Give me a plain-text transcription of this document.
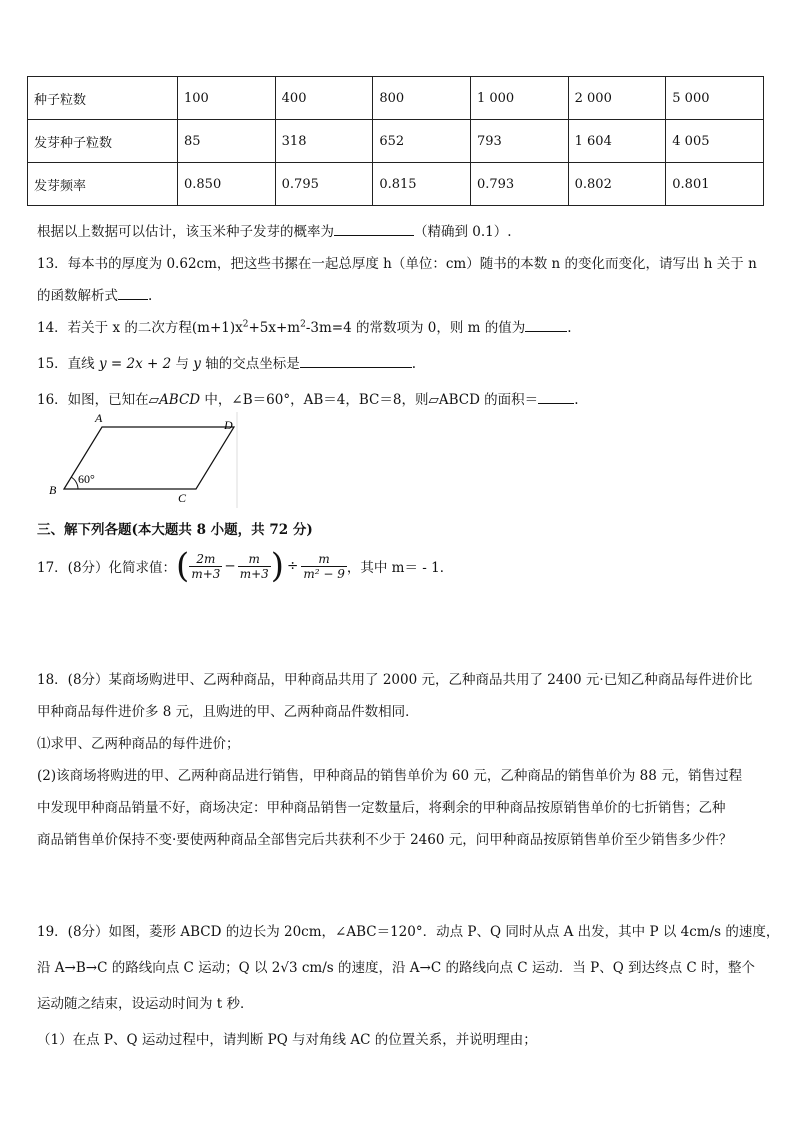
种子粒数	100	400	800	1 000	2 000	5 000
发芽种子粒数	85	318	652	793	1 604	4 005
发芽频率	0.850	0.795	0.815	0.793	0.802	0.801
根据以上数据可以估计，该玉米种子发芽的概率为	（精确到 0.1）.
13．每本书的厚度为 0.62cm，把这些书摞在一起总厚度 h（单位：cm）随书的本数 n 的变化而变化，请写出 h 关于 n
的函数解析式 .
14．若关于 x 的二次方程$(m+1)x^2+5x+m^2-3m=4$ 的常数项为 0，则 m 的值为	.
15．直线 y = 2x + 2 与 y 轴的交点坐标是	.
16．如图，已知在▱ABCD 中，∠B＝60°，AB＝4，BC＝8，则▱ABCD 的面积＝	.
A	D
B
C
60°
三、解下列各题(本大题共 8 小题，共 72 分)
17．(8分）化简求值： ( $\frac{2m}{m+3} - \frac{m}{m+3}$ ) ÷ $\frac{m}{\text{m² − 9}}$ ，其中 m＝ - 1．
18．(8分）某商场购进甲、乙两种商品，甲种商品共用了 2000 元，乙种商品共用了 2400 元·已知乙种商品每件进价比
甲种商品每件进价多 8 元，且购进的甲、乙两种商品件数相同．
⑴求甲、乙两种商品的每件进价；
(2)该商场将购进的甲、乙两种商品进行销售，甲种商品的销售单价为 60 元，乙种商品的销售单价为 88 元，销售过程
中发现甲种商品销量不好，商场决定：甲种商品销售一定数量后，将剩余的甲种商品按原销售单价的七折销售；乙种
商品销售单价保持不变·要使两种商品全部售完后共获利不少于 2460 元，问甲种商品按原销售单价至少销售多少件？
19．(8分）如图，菱形 ABCD 的边长为 20cm，∠ABC＝120°．动点 P、Q 同时从点 A 出发，其中 P 以 4cm/s 的速度，
沿 A→B→C 的路线向点 C 运动；Q 以 2√3 cm/s 的速度，沿 A→C 的路线向点 C 运动．当 P、Q 到达终点 C 时，整个
运动随之结束，设运动时间为 t 秒．
（1）在点 P、Q 运动过程中，请判断 PQ 与对角线 AC 的位置关系，并说明理由；
